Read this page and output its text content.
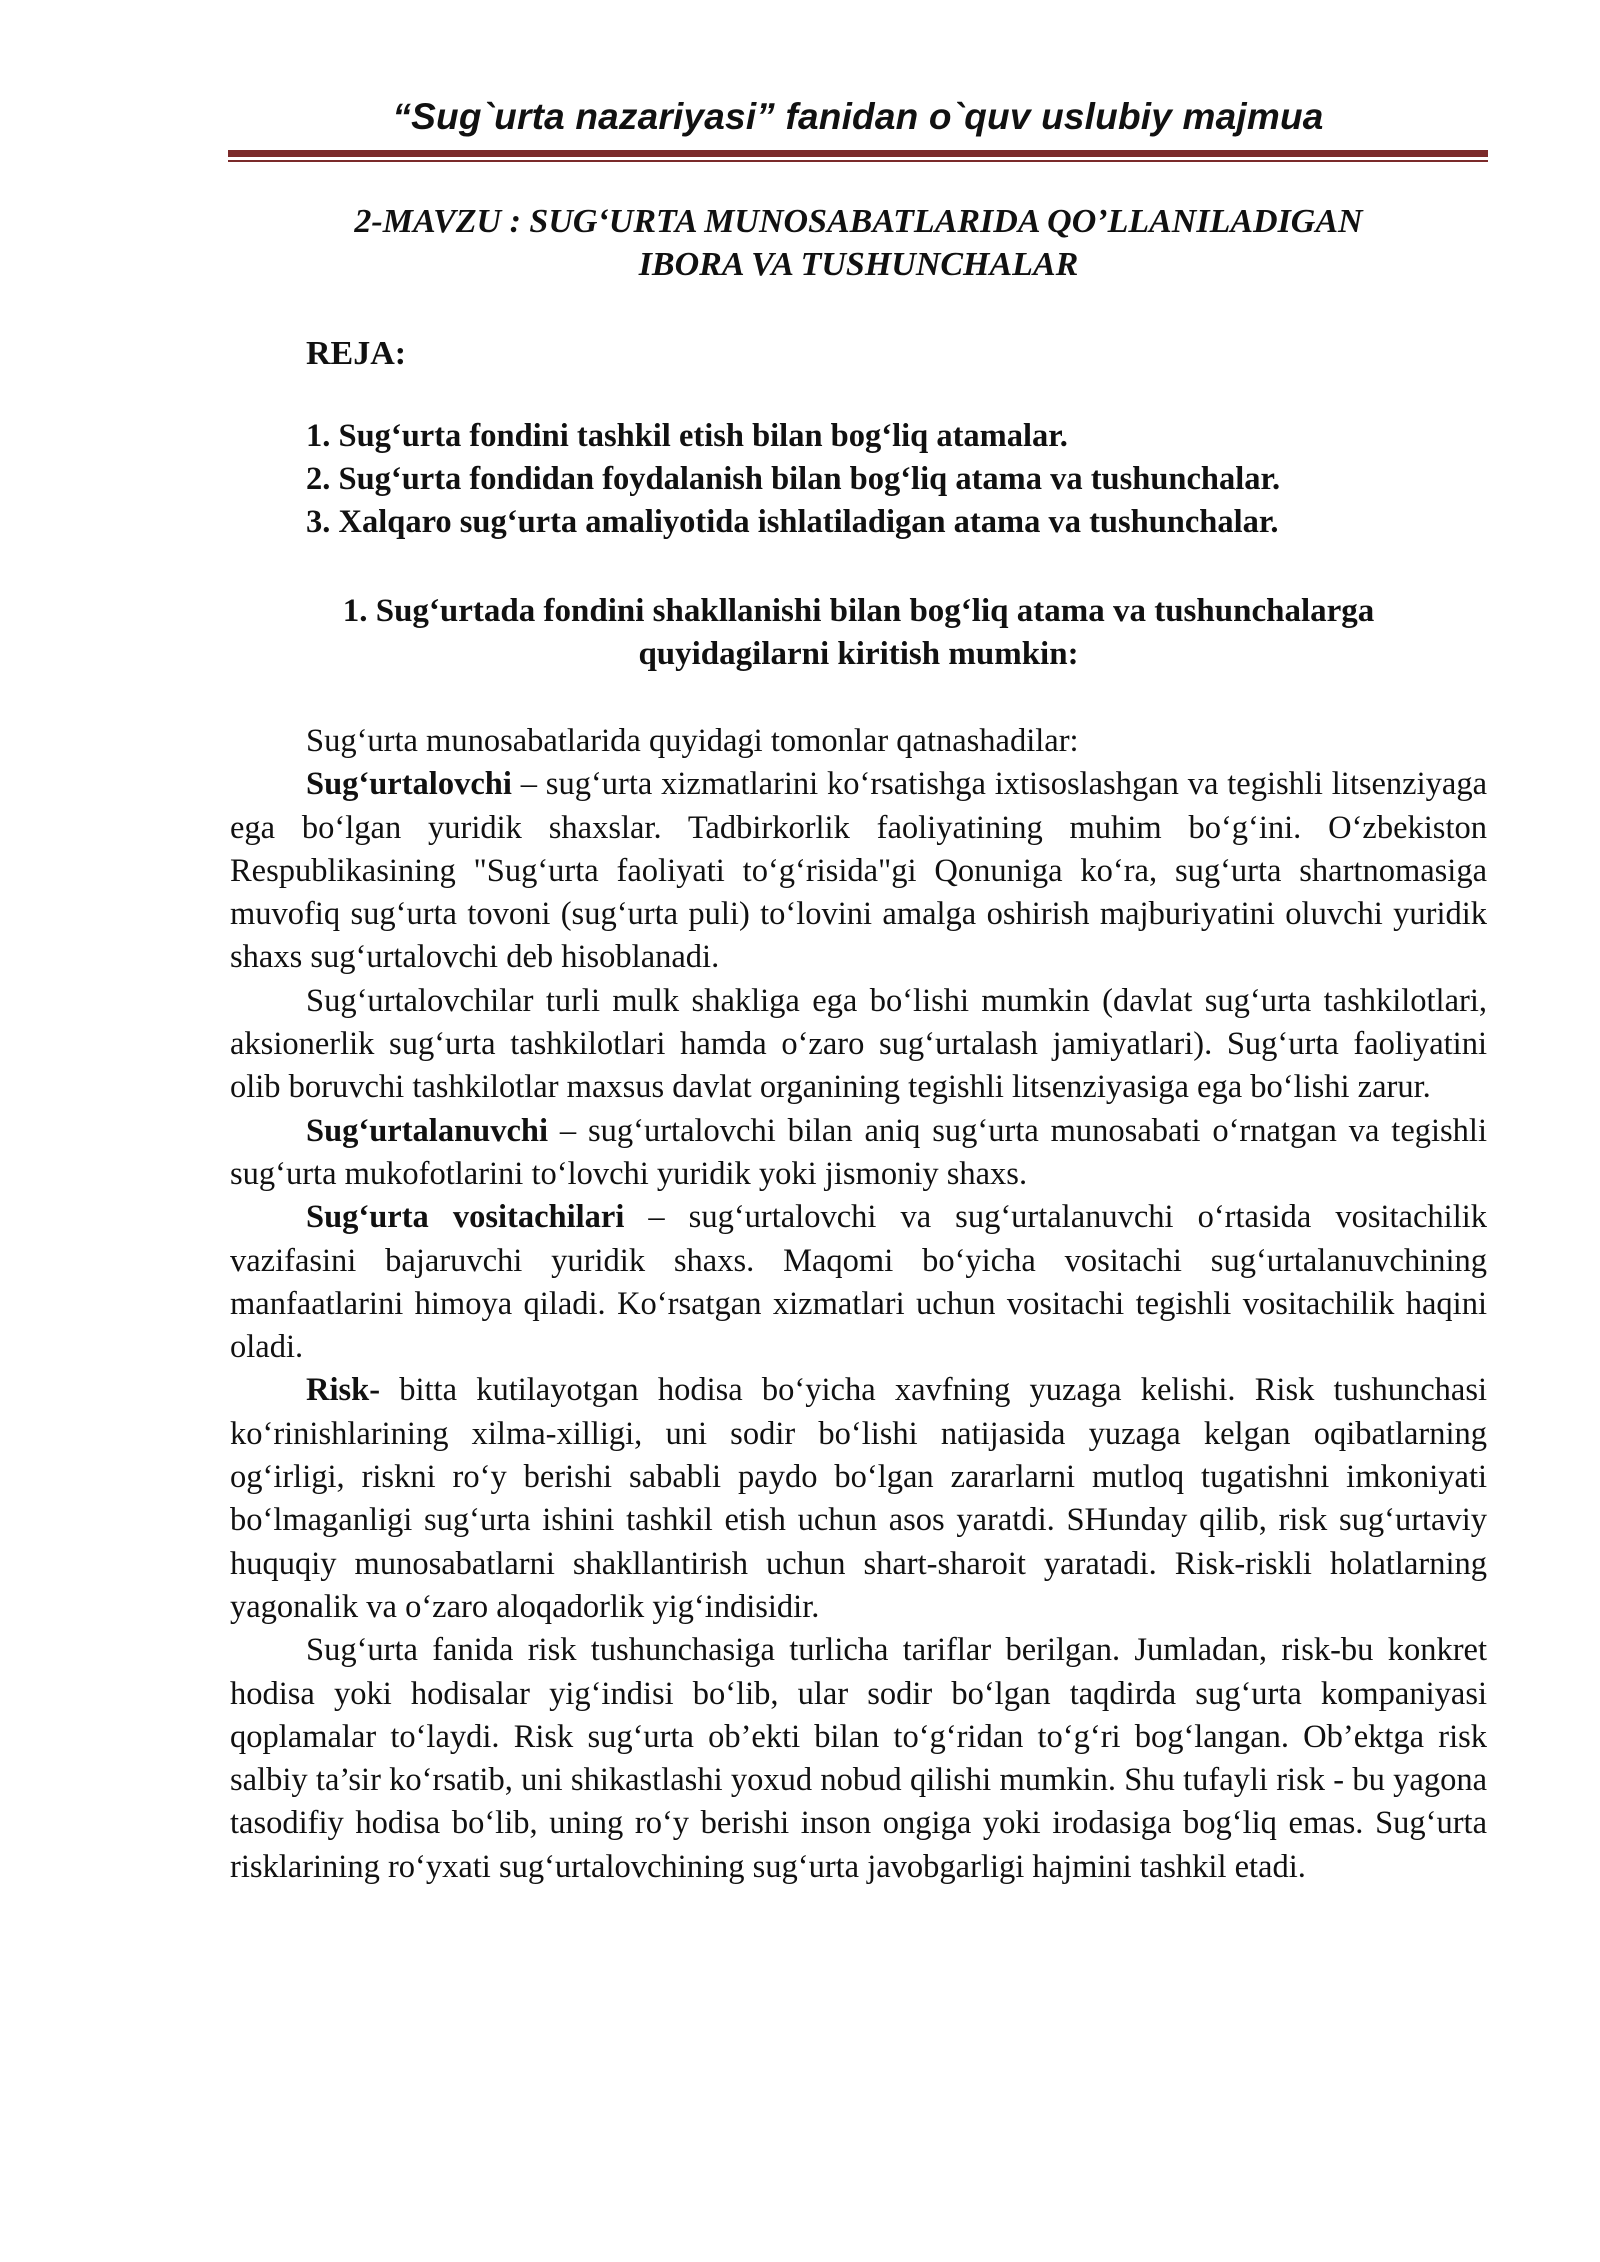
“Sug`urta nazariyasi” fanidan o`quv uslubiy majmua
2-MAVZU : SUG‘URTA MUNOSABATLARIDA QO’LLANILADIGAN
IBORA VA TUSHUNCHALAR
REJA:
1. Sug‘urta fondini tashkil etish bilan bog‘liq atamalar.
2. Sug‘urta fondidan foydalanish bilan bog‘liq atama va tushunchalar.
3. Xalqaro sug‘urta amaliyotida ishlatiladigan atama va tushunchalar.
1. Sug‘urtada fondini shakllanishi bilan bog‘liq atama va tushunchalarga
quyidagilarni kiritish mumkin:

Sug‘urta munosabatlarida quyidagi tomonlar qatnashadilar:

Sug‘urtalovchi – sug‘urta xizmatlarini ko‘rsatishga ixtisoslashgan va tegishli litsenziyaga ega bo‘lgan yuridik shaxslar. Tadbirkorlik faoliyatining muhim bo‘g‘ini. O‘zbekiston Respublikasining "Sug‘urta faoliyati to‘g‘risida"gi Qonuniga ko‘ra, sug‘urta shartnomasiga muvofiq sug‘urta tovoni (sug‘urta puli) to‘lovini amalga oshirish majburiyatini oluvchi yuridik shaxs sug‘urtalovchi deb hisoblanadi.

Sug‘urtalovchilar turli mulk shakliga ega bo‘lishi mumkin (davlat sug‘urta tashkilotlari, aksionerlik sug‘urta tashkilotlari hamda o‘zaro sug‘urtalash jamiyatlari). Sug‘urta faoliyatini olib boruvchi tashkilotlar maxsus davlat organining tegishli litsenziyasiga ega bo‘lishi zarur.

Sug‘urtalanuvchi – sug‘urtalovchi bilan aniq sug‘urta munosabati o‘rnatgan va tegishli sug‘urta mukofotlarini to‘lovchi yuridik yoki jismoniy shaxs.

Sug‘urta vositachilari – sug‘urtalovchi va sug‘urtalanuvchi o‘rtasida vositachilik vazifasini bajaruvchi yuridik shaxs. Maqomi bo‘yicha vositachi sug‘urtalanuvchining manfaatlarini himoya qiladi. Ko‘rsatgan xizmatlari uchun vositachi tegishli vositachilik haqini oladi.

Risk- bitta kutilayotgan hodisa bo‘yicha xavfning yuzaga kelishi. Risk tushunchasi ko‘rinishlarining xilma-xilligi, uni sodir bo‘lishi natijasida yuzaga kelgan oqibatlarning og‘irligi, riskni ro‘y berishi sababli paydo bo‘lgan zararlarni mutloq tugatishni imkoniyati bo‘lmaganligi sug‘urta ishini tashkil etish uchun asos yaratdi. SHunday qilib, risk sug‘urtaviy huquqiy munosabatlarni shakllantirish uchun shart-sharoit yaratadi. Risk-riskli holatlarning yagonalik va o‘zaro aloqadorlik yig‘indisidir.

Sug‘urta fanida risk tushunchasiga turlicha tariflar berilgan. Jumladan, risk-bu konkret hodisa yoki hodisalar yig‘indisi bo‘lib, ular sodir bo‘lgan taqdirda sug‘urta kompaniyasi qoplamalar to‘laydi. Risk sug‘urta ob’ekti bilan to‘g‘ridan to‘g‘ri bog‘langan. Ob’ektga risk salbiy ta’sir ko‘rsatib, uni shikastlashi yoxud nobud qilishi mumkin. Shu tufayli risk - bu yagona tasodifiy hodisa bo‘lib, uning ro‘y berishi inson ongiga yoki irodasiga bog‘liq emas. Sug‘urta risklarining ro‘yxati sug‘urtalovchining sug‘urta javobgarligi hajmini tashkil etadi.
